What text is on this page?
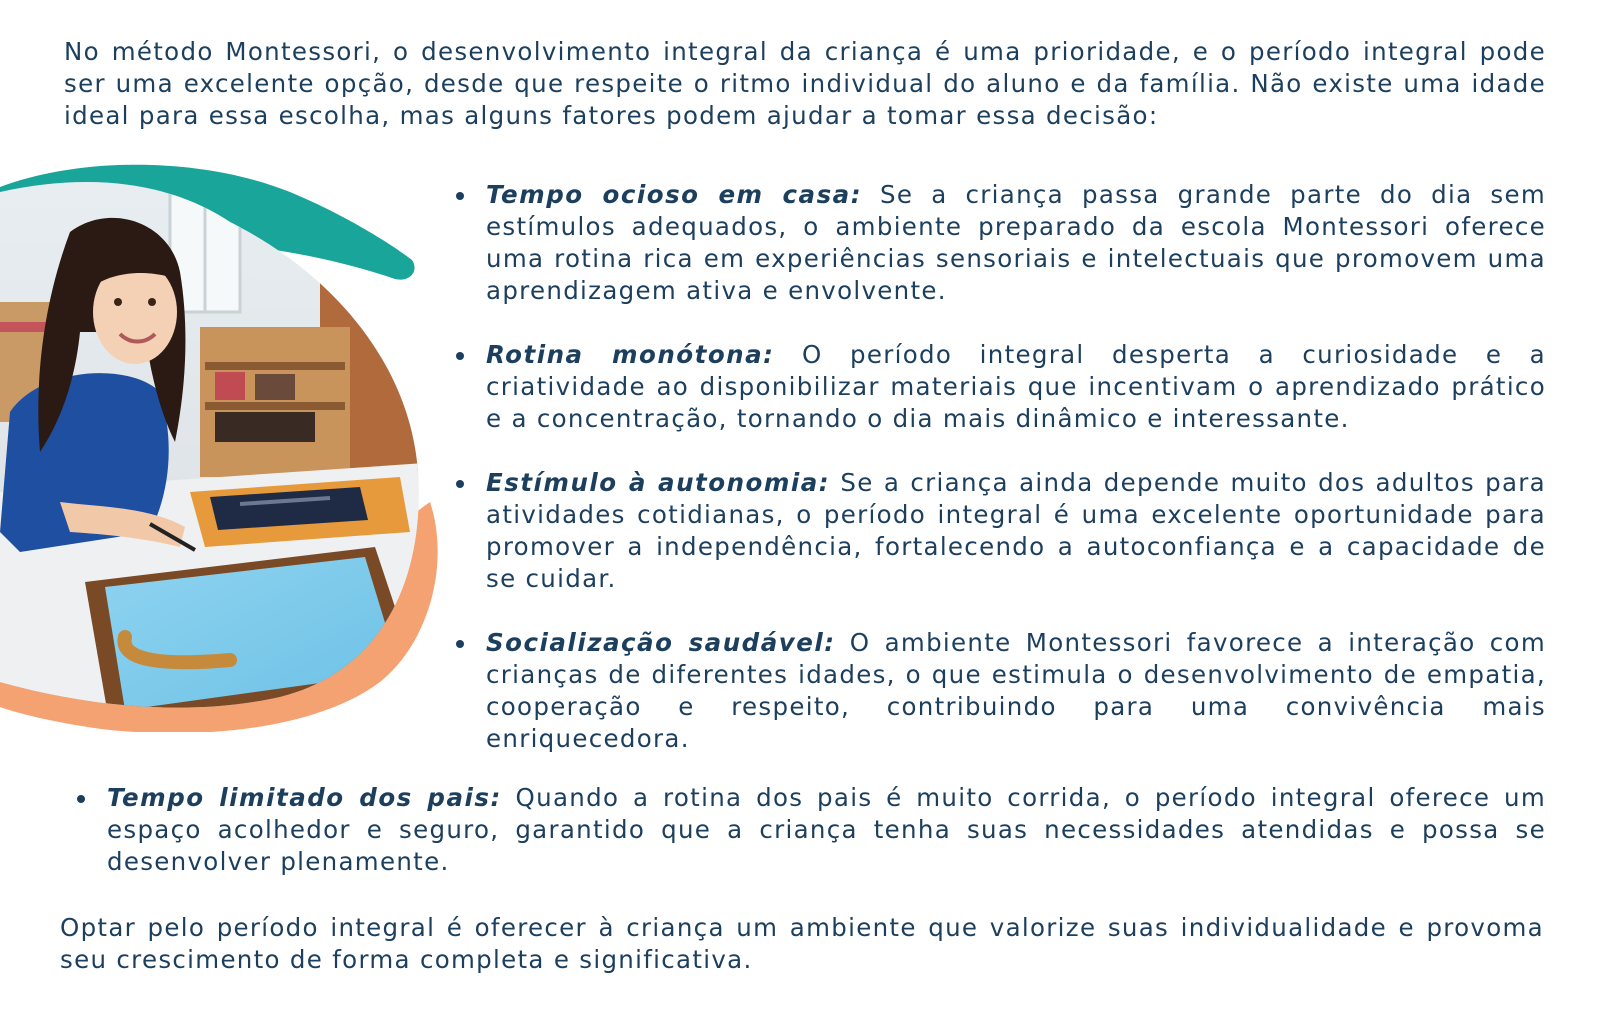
No método Montessori, o desenvolvimento integral da criança é uma prioridade, e o período integral pode ser uma excelente opção, desde que respeite o ritmo individual do aluno e da família. Não existe uma idade ideal para essa escolha, mas alguns fatores podem ajudar a tomar essa decisão:

Tempo ocioso em casa: Se a criança passa grande parte do dia sem estímulos adequados, o ambiente preparado da escola Montessori oferece uma rotina rica em experiências sensoriais e intelectuais que promovem uma aprendizagem ativa e envolvente.
Rotina monótona: O período integral desperta a curiosidade e a criatividade ao disponibilizar materiais que incentivam o aprendizado prático e a concentração, tornando o dia mais dinâmico e interessante.
Estímulo à autonomia: Se a criança ainda depende muito dos adultos para atividades cotidianas, o período integral é uma excelente oportunidade para promover a independência, fortalecendo a autoconfiança e a capacidade de se cuidar.
Socialização saudável: O ambiente Montessori favorece a interação com crianças de diferentes idades, o que estimula o desenvolvimento de empatia, cooperação e respeito, contribuindo para uma convivência mais enriquecedora.
Tempo limitado dos pais: Quando a rotina dos pais é muito corrida, o período integral oferece um espaço acolhedor e seguro, garantido que a criança tenha suas necessidades atendidas e possa se desenvolver plenamente.

Optar pelo período integral é oferecer à criança um ambiente que valorize suas individualidade e provoma seu crescimento de forma completa e significativa.
